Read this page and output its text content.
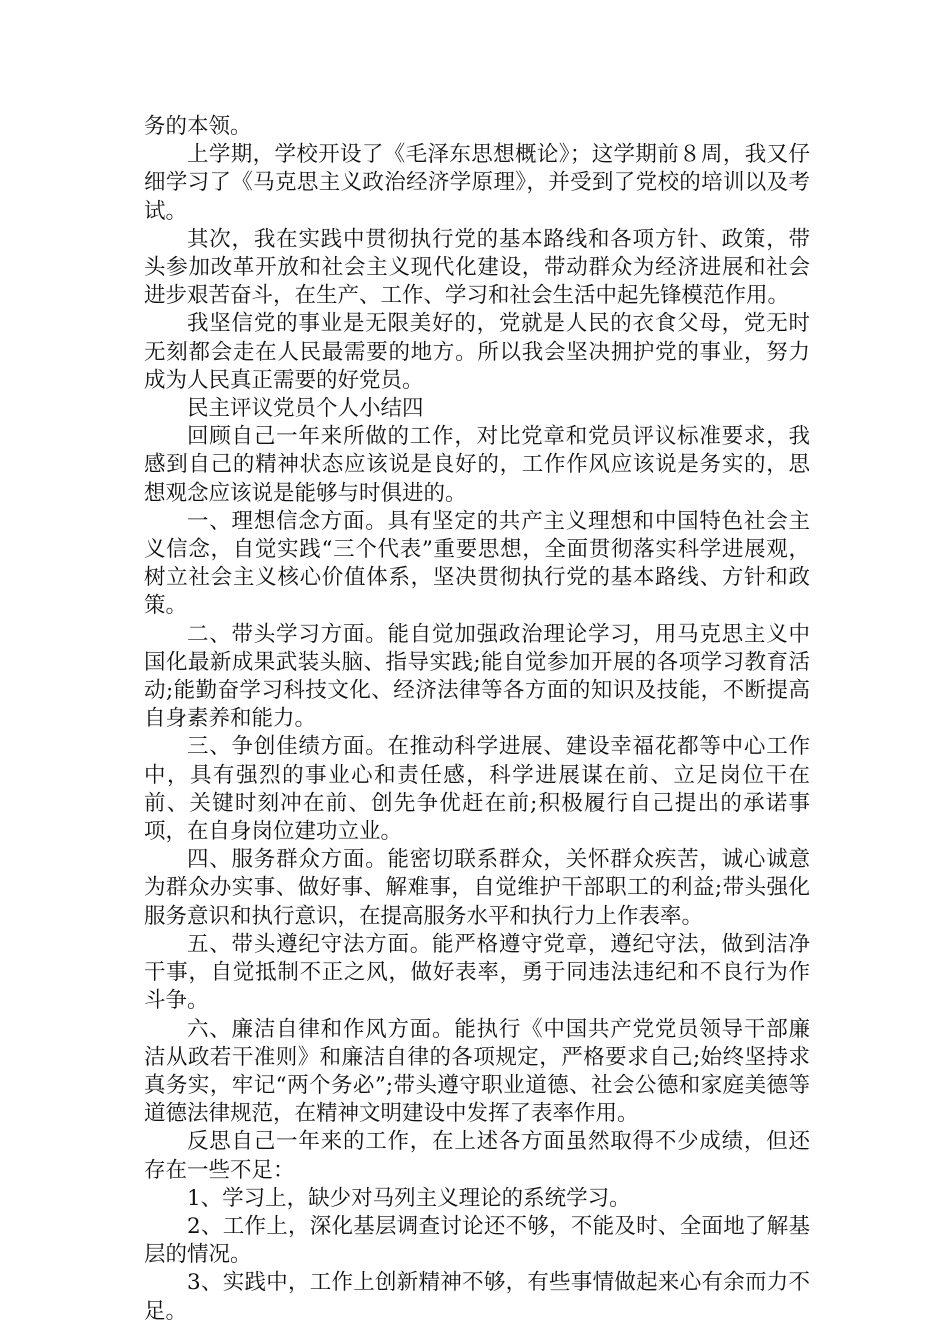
务的本领。

上学期，学校开设了《毛泽东思想概论》；这学期前８周，我又仔细学习了《马克思主义政治经济学原理》，并受到了党校的培训以及考试。

其次，我在实践中贯彻执行党的基本路线和各项方针、政策，带头参加改革开放和社会主义现代化建设，带动群众为经济进展和社会进步艰苦奋斗，在生产、工作、学习和社会生活中起先锋模范作用。

我坚信党的事业是无限美好的，党就是人民的衣食父母，党无时无刻都会走在人民最需要的地方。所以我会坚决拥护党的事业，努力成为人民真正需要的好党员。

民主评议党员个人小结四

回顾自己一年来所做的工作，对比党章和党员评议标准要求，我感到自己的精神状态应该说是良好的，工作作风应该说是务实的，思想观念应该说是能够与时俱进的。

一、理想信念方面。具有坚定的共产主义理想和中国特色社会主义信念，自觉实践“三个代表”重要思想，全面贯彻落实科学进展观，树立社会主义核心价值体系，坚决贯彻执行党的基本路线、方针和政策。

二、带头学习方面。能自觉加强政治理论学习，用马克思主义中国化最新成果武装头脑、指导实践;能自觉参加开展的各项学习教育活动;能勤奋学习科技文化、经济法律等各方面的知识及技能，不断提高自身素养和能力。

三、争创佳绩方面。在推动科学进展、建设幸福花都等中心工作中，具有强烈的事业心和责任感，科学进展谋在前、立足岗位干在前、关键时刻冲在前、创先争优赶在前;积极履行自己提出的承诺事项，在自身岗位建功立业。

四、服务群众方面。能密切联系群众，关怀群众疾苦，诚心诚意为群众办实事、做好事、解难事，自觉维护干部职工的利益;带头强化服务意识和执行意识，在提高服务水平和执行力上作表率。

五、带头遵纪守法方面。能严格遵守党章，遵纪守法，做到洁净干事，自觉抵制不正之风，做好表率，勇于同违法违纪和不良行为作斗争。

六、廉洁自律和作风方面。能执行《中国共产党党员领导干部廉洁从政若干准则》和廉洁自律的各项规定，严格要求自己;始终坚持求真务实，牢记“两个务必”;带头遵守职业道德、社会公德和家庭美德等道德法律规范，在精神文明建设中发挥了表率作用。

反思自己一年来的工作，在上述各方面虽然取得不少成绩，但还存在一些不足：

1、学习上，缺少对马列主义理论的系统学习。

2、工作上，深化基层调查讨论还不够，不能及时、全面地了解基层的情况。

3、实践中，工作上创新精神不够，有些事情做起来心有余而力不足。
